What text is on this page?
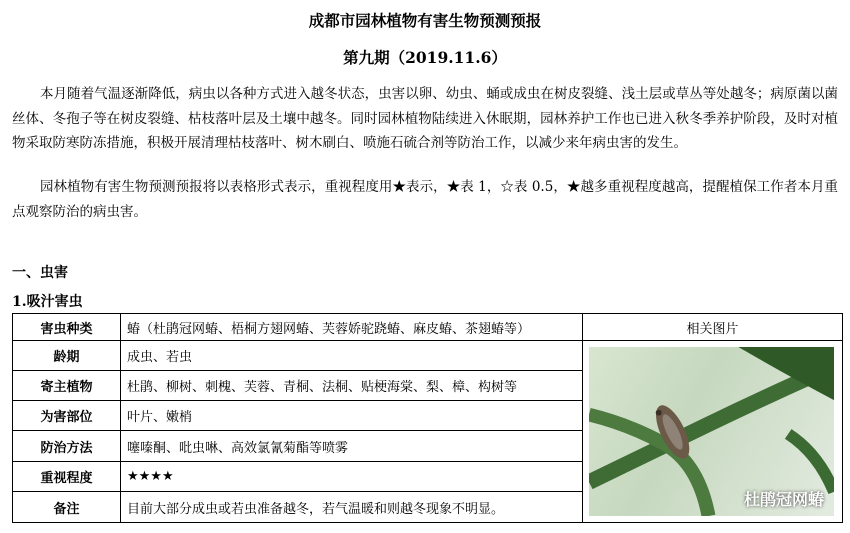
成都市园林植物有害生物预测预报
第九期（2019.11.6）

本月随着气温逐渐降低，病虫以各种方式进入越冬状态，虫害以卵、幼虫、蛹或成虫在树皮裂缝、浅土层或草丛等处越冬；病原菌以菌丝体、冬孢子等在树皮裂缝、枯枝落叶层及土壤中越冬。同时园林植物陆续进入休眠期，园林养护工作也已进入秋冬季养护阶段，及时对植物采取防寒防冻措施，积极开展清理枯枝落叶、树木刷白、喷施石硫合剂等防治工作，以减少来年病虫害的发生。

园林植物有害生物预测预报将以表格形式表示，重视程度用★表示，★表 1，☆表 0.5，★越多重视程度越高，提醒植保工作者本月重点观察防治的病虫害。

一、虫害
1.吸汁害虫
害虫种类	蝽（杜鹃冠网蝽、梧桐方翅网蝽、芙蓉娇驼跷蝽、麻皮蝽、茶翅蝽等）	相关图片
龄期	成虫、若虫	杜鹃冠网蝽

寄主植物	杜鹃、柳树、刺槐、芙蓉、青桐、法桐、贴梗海棠、梨、樟、构树等	
为害部位	叶片、嫩梢	
防治方法	噻嗪酮、吡虫啉、高效氯氰菊酯等喷雾	
重视程度	★★★★	
备注	目前大部分成虫或若虫准备越冬，若气温暖和则越冬现象不明显。	
